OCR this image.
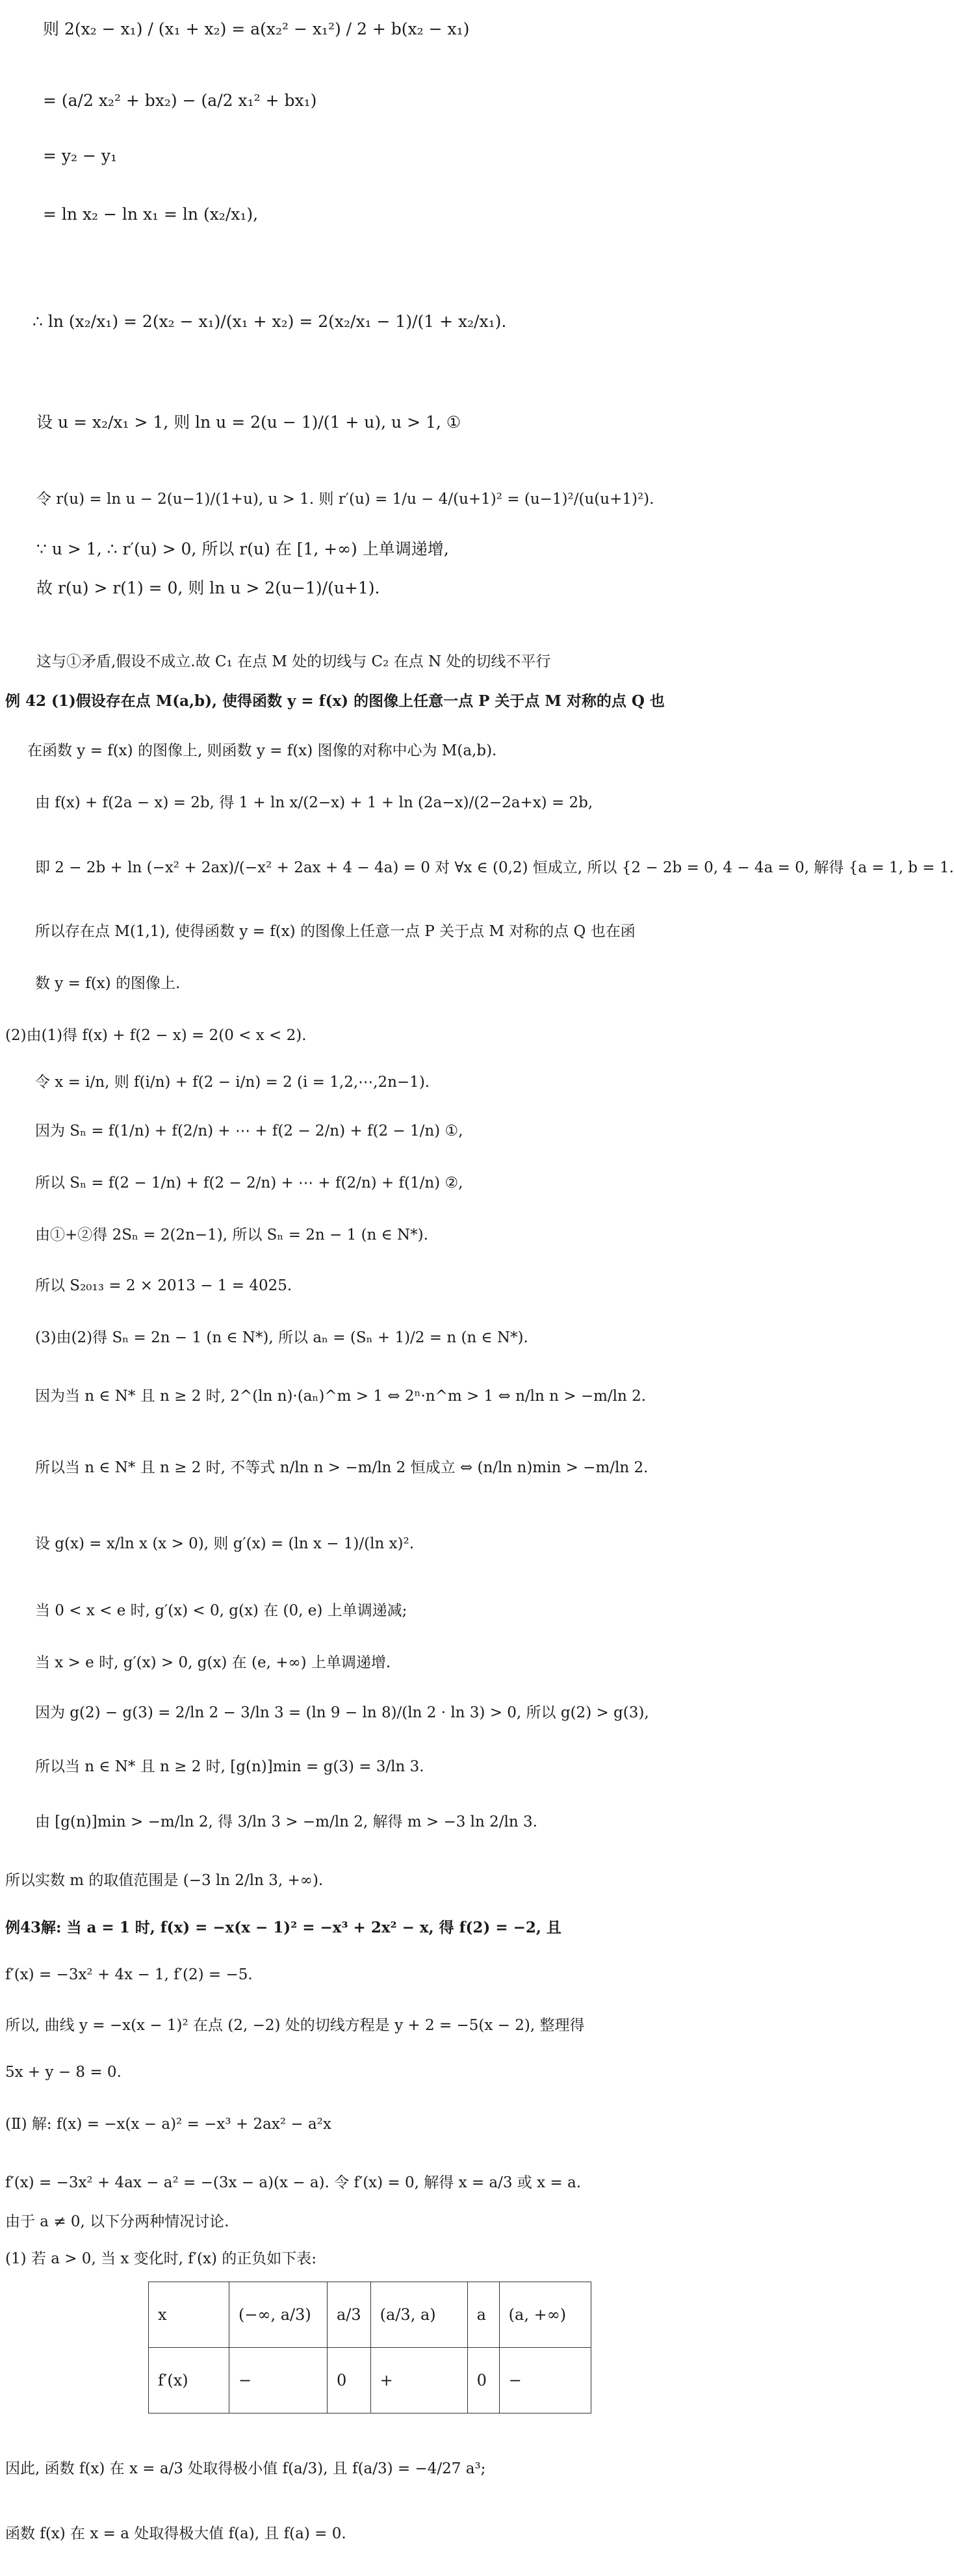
则 2(x₂ − x₁) / (x₁ + x₂) = a(x₂² − x₁²) / 2 + b(x₂ − x₁)
= (a/2 x₂² + bx₂) − (a/2 x₁² + bx₁)
= y₂ − y₁
= ln x₂ − ln x₁ = ln (x₂/x₁),
∴ ln (x₂/x₁) = 2(x₂ − x₁)/(x₁ + x₂) = 2(x₂/x₁ − 1)/(1 + x₂/x₁).
设 u = x₂/x₁ > 1, 则 ln u = 2(u − 1)/(1 + u), u > 1, ①
令 r(u) = ln u − 2(u−1)/(1+u), u > 1. 则 r′(u) = 1/u − 4/(u+1)² = (u−1)²/(u(u+1)²).
∵ u > 1, ∴ r′(u) > 0, 所以 r(u) 在 [1, +∞) 上单调递增,
故 r(u) > r(1) = 0, 则 ln u > 2(u−1)/(u+1).
这与①矛盾,假设不成立.故 C₁ 在点 M 处的切线与 C₂ 在点 N 处的切线不平行
例 42 (1)假设存在点 M(a,b), 使得函数 y = f(x) 的图像上任意一点 P 关于点 M 对称的点 Q 也
在函数 y = f(x) 的图像上, 则函数 y = f(x) 图像的对称中心为 M(a,b).
由 f(x) + f(2a − x) = 2b, 得 1 + ln x/(2−x) + 1 + ln (2a−x)/(2−2a+x) = 2b,
即 2 − 2b + ln (−x² + 2ax)/(−x² + 2ax + 4 − 4a) = 0 对 ∀x ∈ (0,2) 恒成立, 所以 {2 − 2b = 0, 4 − 4a = 0, 解得 {a = 1, b = 1.
所以存在点 M(1,1), 使得函数 y = f(x) 的图像上任意一点 P 关于点 M 对称的点 Q 也在函
数 y = f(x) 的图像上.
(2)由(1)得 f(x) + f(2 − x) = 2(0 < x < 2).
令 x = i/n, 则 f(i/n) + f(2 − i/n) = 2 (i = 1,2,⋯,2n−1).
因为 Sₙ = f(1/n) + f(2/n) + ⋯ + f(2 − 2/n) + f(2 − 1/n) ①,
所以 Sₙ = f(2 − 1/n) + f(2 − 2/n) + ⋯ + f(2/n) + f(1/n) ②,
由①+②得 2Sₙ = 2(2n−1), 所以 Sₙ = 2n − 1 (n ∈ N*).
所以 S₂₀₁₃ = 2 × 2013 − 1 = 4025.
(3)由(2)得 Sₙ = 2n − 1 (n ∈ N*), 所以 aₙ = (Sₙ + 1)/2 = n (n ∈ N*).
因为当 n ∈ N* 且 n ≥ 2 时, 2^(ln n)·(aₙ)^m > 1 ⇔ 2ⁿ·n^m > 1 ⇔ n/ln n > −m/ln 2.
所以当 n ∈ N* 且 n ≥ 2 时, 不等式 n/ln n > −m/ln 2 恒成立 ⇔ (n/ln n)min > −m/ln 2.
设 g(x) = x/ln x (x > 0), 则 g′(x) = (ln x − 1)/(ln x)².
当 0 < x < e 时, g′(x) < 0, g(x) 在 (0, e) 上单调递减;
当 x > e 时, g′(x) > 0, g(x) 在 (e, +∞) 上单调递增.
因为 g(2) − g(3) = 2/ln 2 − 3/ln 3 = (ln 9 − ln 8)/(ln 2 · ln 3) > 0, 所以 g(2) > g(3),
所以当 n ∈ N* 且 n ≥ 2 时, [g(n)]min = g(3) = 3/ln 3.
由 [g(n)]min > −m/ln 2, 得 3/ln 3 > −m/ln 2, 解得 m > −3 ln 2/ln 3.
所以实数 m 的取值范围是 (−3 ln 2/ln 3, +∞).
例43解: 当 a = 1 时, f(x) = −x(x − 1)² = −x³ + 2x² − x, 得 f(2) = −2, 且
f′(x) = −3x² + 4x − 1, f′(2) = −5.
所以, 曲线 y = −x(x − 1)² 在点 (2, −2) 处的切线方程是 y + 2 = −5(x − 2), 整理得
5x + y − 8 = 0.
(Ⅱ) 解: f(x) = −x(x − a)² = −x³ + 2ax² − a²x
f′(x) = −3x² + 4ax − a² = −(3x − a)(x − a). 令 f′(x) = 0, 解得 x = a/3 或 x = a.
由于 a ≠ 0, 以下分两种情况讨论.
(1) 若 a > 0, 当 x 变化时, f′(x) 的正负如下表:
x	(−∞, a/3)	a/3	(a/3, a)	a	(a, +∞)
f′(x)	−	0	+	0	−
因此, 函数 f(x) 在 x = a/3 处取得极小值 f(a/3), 且 f(a/3) = −4/27 a³;
函数 f(x) 在 x = a 处取得极大值 f(a), 且 f(a) = 0.
